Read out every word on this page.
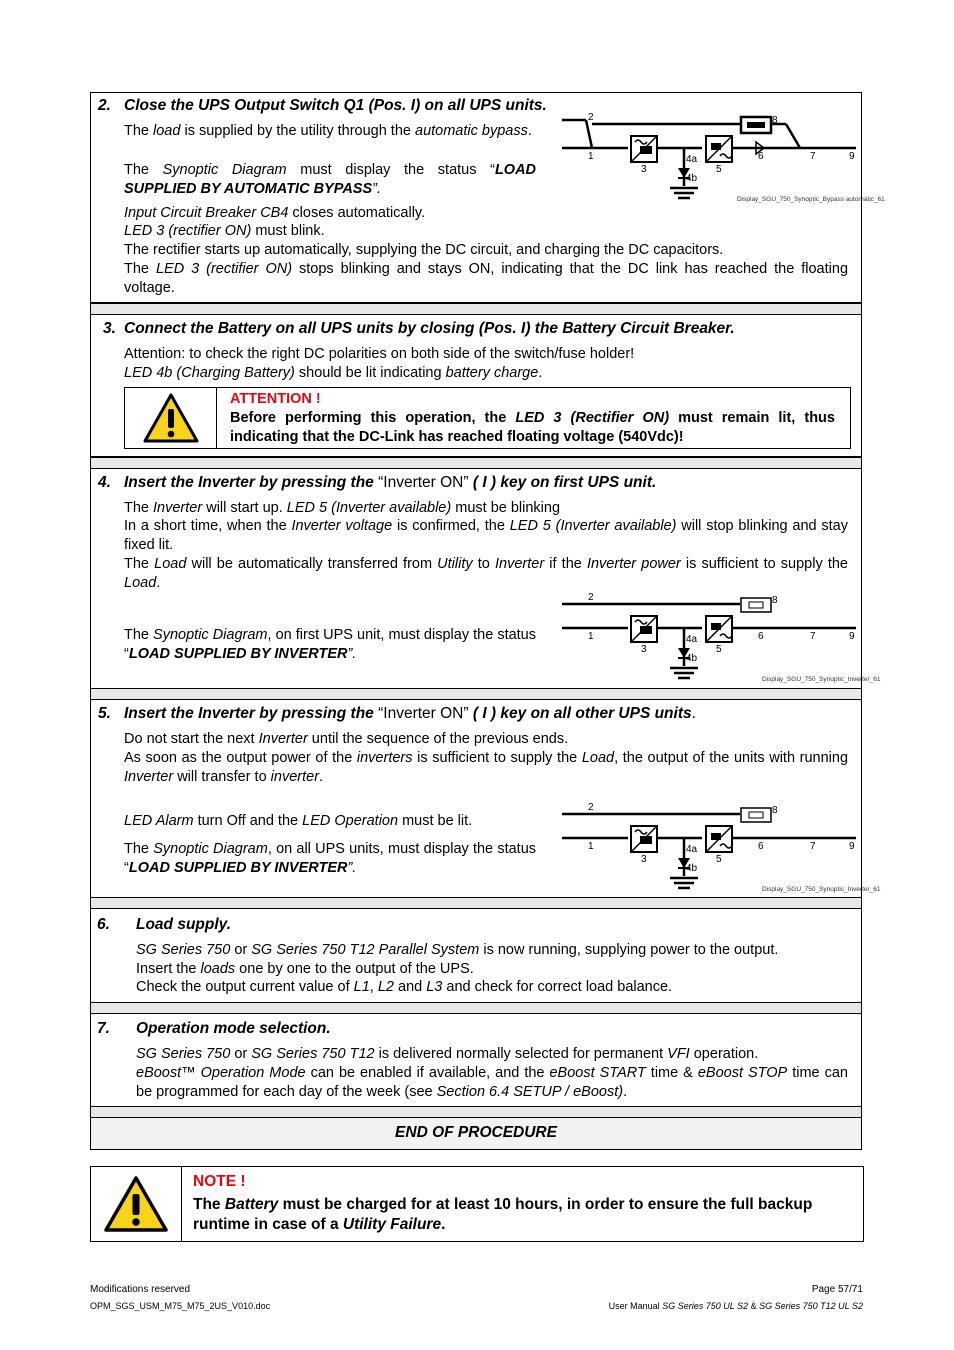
2. Close the UPS Output Switch Q1 (Pos. I) on all UPS units.
The load is supplied by the utility through the automatic bypass.
The Synoptic Diagram must display the status “LOAD SUPPLIED BY AUTOMATIC BYPASS”.
Input Circuit Breaker CB4 closes automatically.
LED 3 (rectifier ON) must blink.
The rectifier starts up automatically, supplying the DC circuit, and charging the DC capacitors.
The LED 3 (rectifier ON) stops blinking and stays ON, indicating that the DC link has reached the floating voltage.
2
1
3
4a
4b
5
6
8
7	9
Display_SGU_750_Synoptic_Bypass automatic_61
3. Connect the Battery on all UPS units by closing (Pos. I) the Battery Circuit Breaker.
Attention: to check the right DC polarities on both side of the switch/fuse holder!
LED 4b (Charging Battery) should be lit indicating battery charge.
ATTENTION !
Before performing this operation, the LED 3 (Rectifier ON) must remain lit, thus indicating that the DC-Link has reached floating voltage (540Vdc)!
4. Insert the Inverter by pressing the “Inverter ON” ( I ) key on first UPS unit.
The Inverter will start up. LED 5 (Inverter available) must be blinking
In a short time, when the Inverter voltage is confirmed, the LED 5 (Inverter available) will stop blinking and stay fixed lit.
The Load will be automatically transferred from Utility to Inverter if the Inverter power is sufficient to supply the Load.
The Synoptic Diagram, on first UPS unit, must display the status “LOAD SUPPLIED BY INVERTER”.
2
1
3
4a
4b
5
6
8
7	9
Display_SGU_750_Synoptic_Inverter_61
5. Insert the Inverter by pressing the “Inverter ON” ( I ) key on all other UPS units.
Do not start the next Inverter until the sequence of the previous ends.
As soon as the output power of the inverters is sufficient to supply the Load, the output of the units with running Inverter will transfer to inverter.
LED Alarm turn Off and the LED Operation must be lit.
The Synoptic Diagram, on all UPS units, must display the status “LOAD SUPPLIED BY INVERTER”.
2
1
3
4a
4b
5
6
8
7	9
Display_SGU_750_Synoptic_Inverter_61
6. Load supply.
SG Series 750 or SG Series 750 T12 Parallel System is now running, supplying power to the output.
Insert the loads one by one to the output of the UPS.
Check the output current value of L1, L2 and L3 and check for correct load balance.
7. Operation mode selection.
SG Series 750 or SG Series 750 T12 is delivered normally selected for permanent VFI operation.
eBoost™ Operation Mode can be enabled if available, and the eBoost START time & eBoost STOP time can be programmed for each day of the week (see Section 6.4 SETUP / eBoost).
END OF PROCEDURE
NOTE !
The Battery must be charged for at least 10 hours, in order to ensure the full backup runtime in case of a Utility Failure.
Modifications reserved
OPM_SGS_USM_M75_M75_2US_V010.doc
Page 57/71
User Manual SG Series 750 UL S2 & SG Series 750 T12 UL S2
